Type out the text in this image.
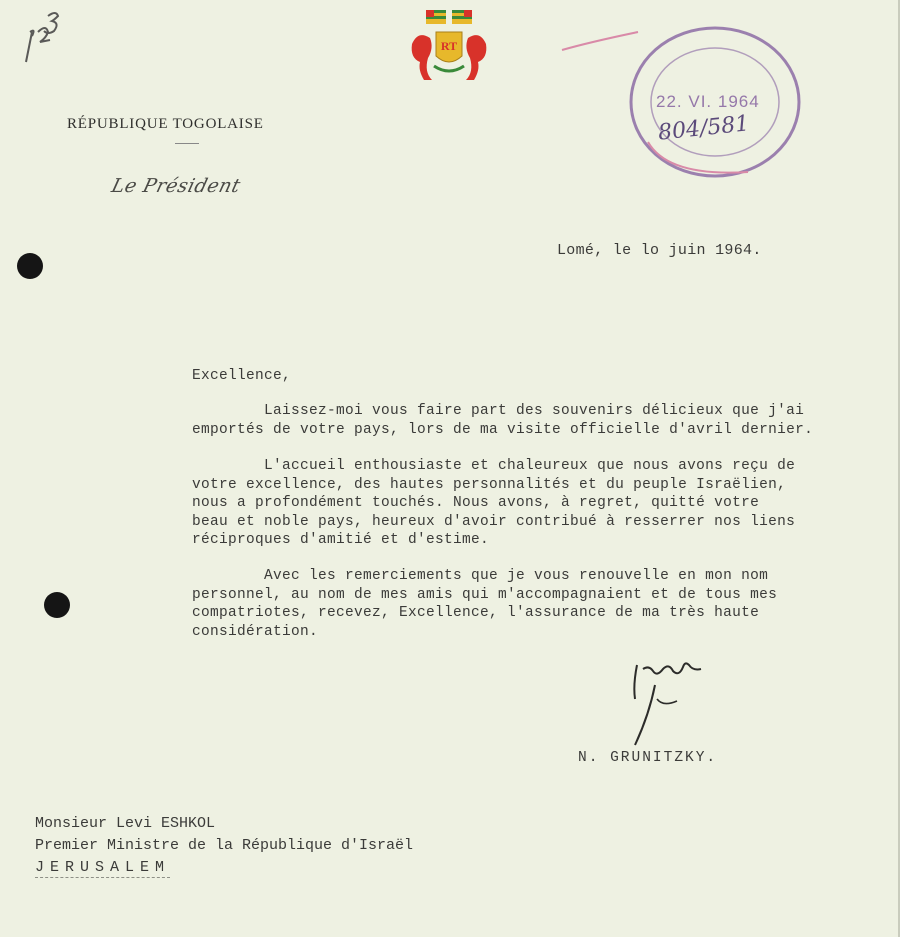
RT
22. VI. 1964
804/581
RÉPUBLIQUE TOGOLAISE
Le Président
Lomé, le lo juin 1964.
Excellence,
Laissez-moi vous faire part des souvenirs délicieux que j'ai
emportés de votre pays, lors de ma visite officielle d'avril dernier.
L'accueil enthousiaste et chaleureux que nous avons reçu de
votre excellence, des hautes personnalités et du peuple Israëlien,
nous a profondément touchés. Nous avons, à regret, quitté votre
beau et noble pays, heureux d'avoir contribué à resserrer nos liens
réciproques d'amitié et d'estime.
Avec les remerciements que je vous renouvelle en mon nom
personnel, au nom de mes amis qui m'accompagnaient et de tous mes
compatriotes, recevez, Excellence, l'assurance de ma très haute
considération.
N. GRUNITZKY.
Monsieur Levi ESHKOL
Premier Ministre de la République d'Israël
JERUSALEM
